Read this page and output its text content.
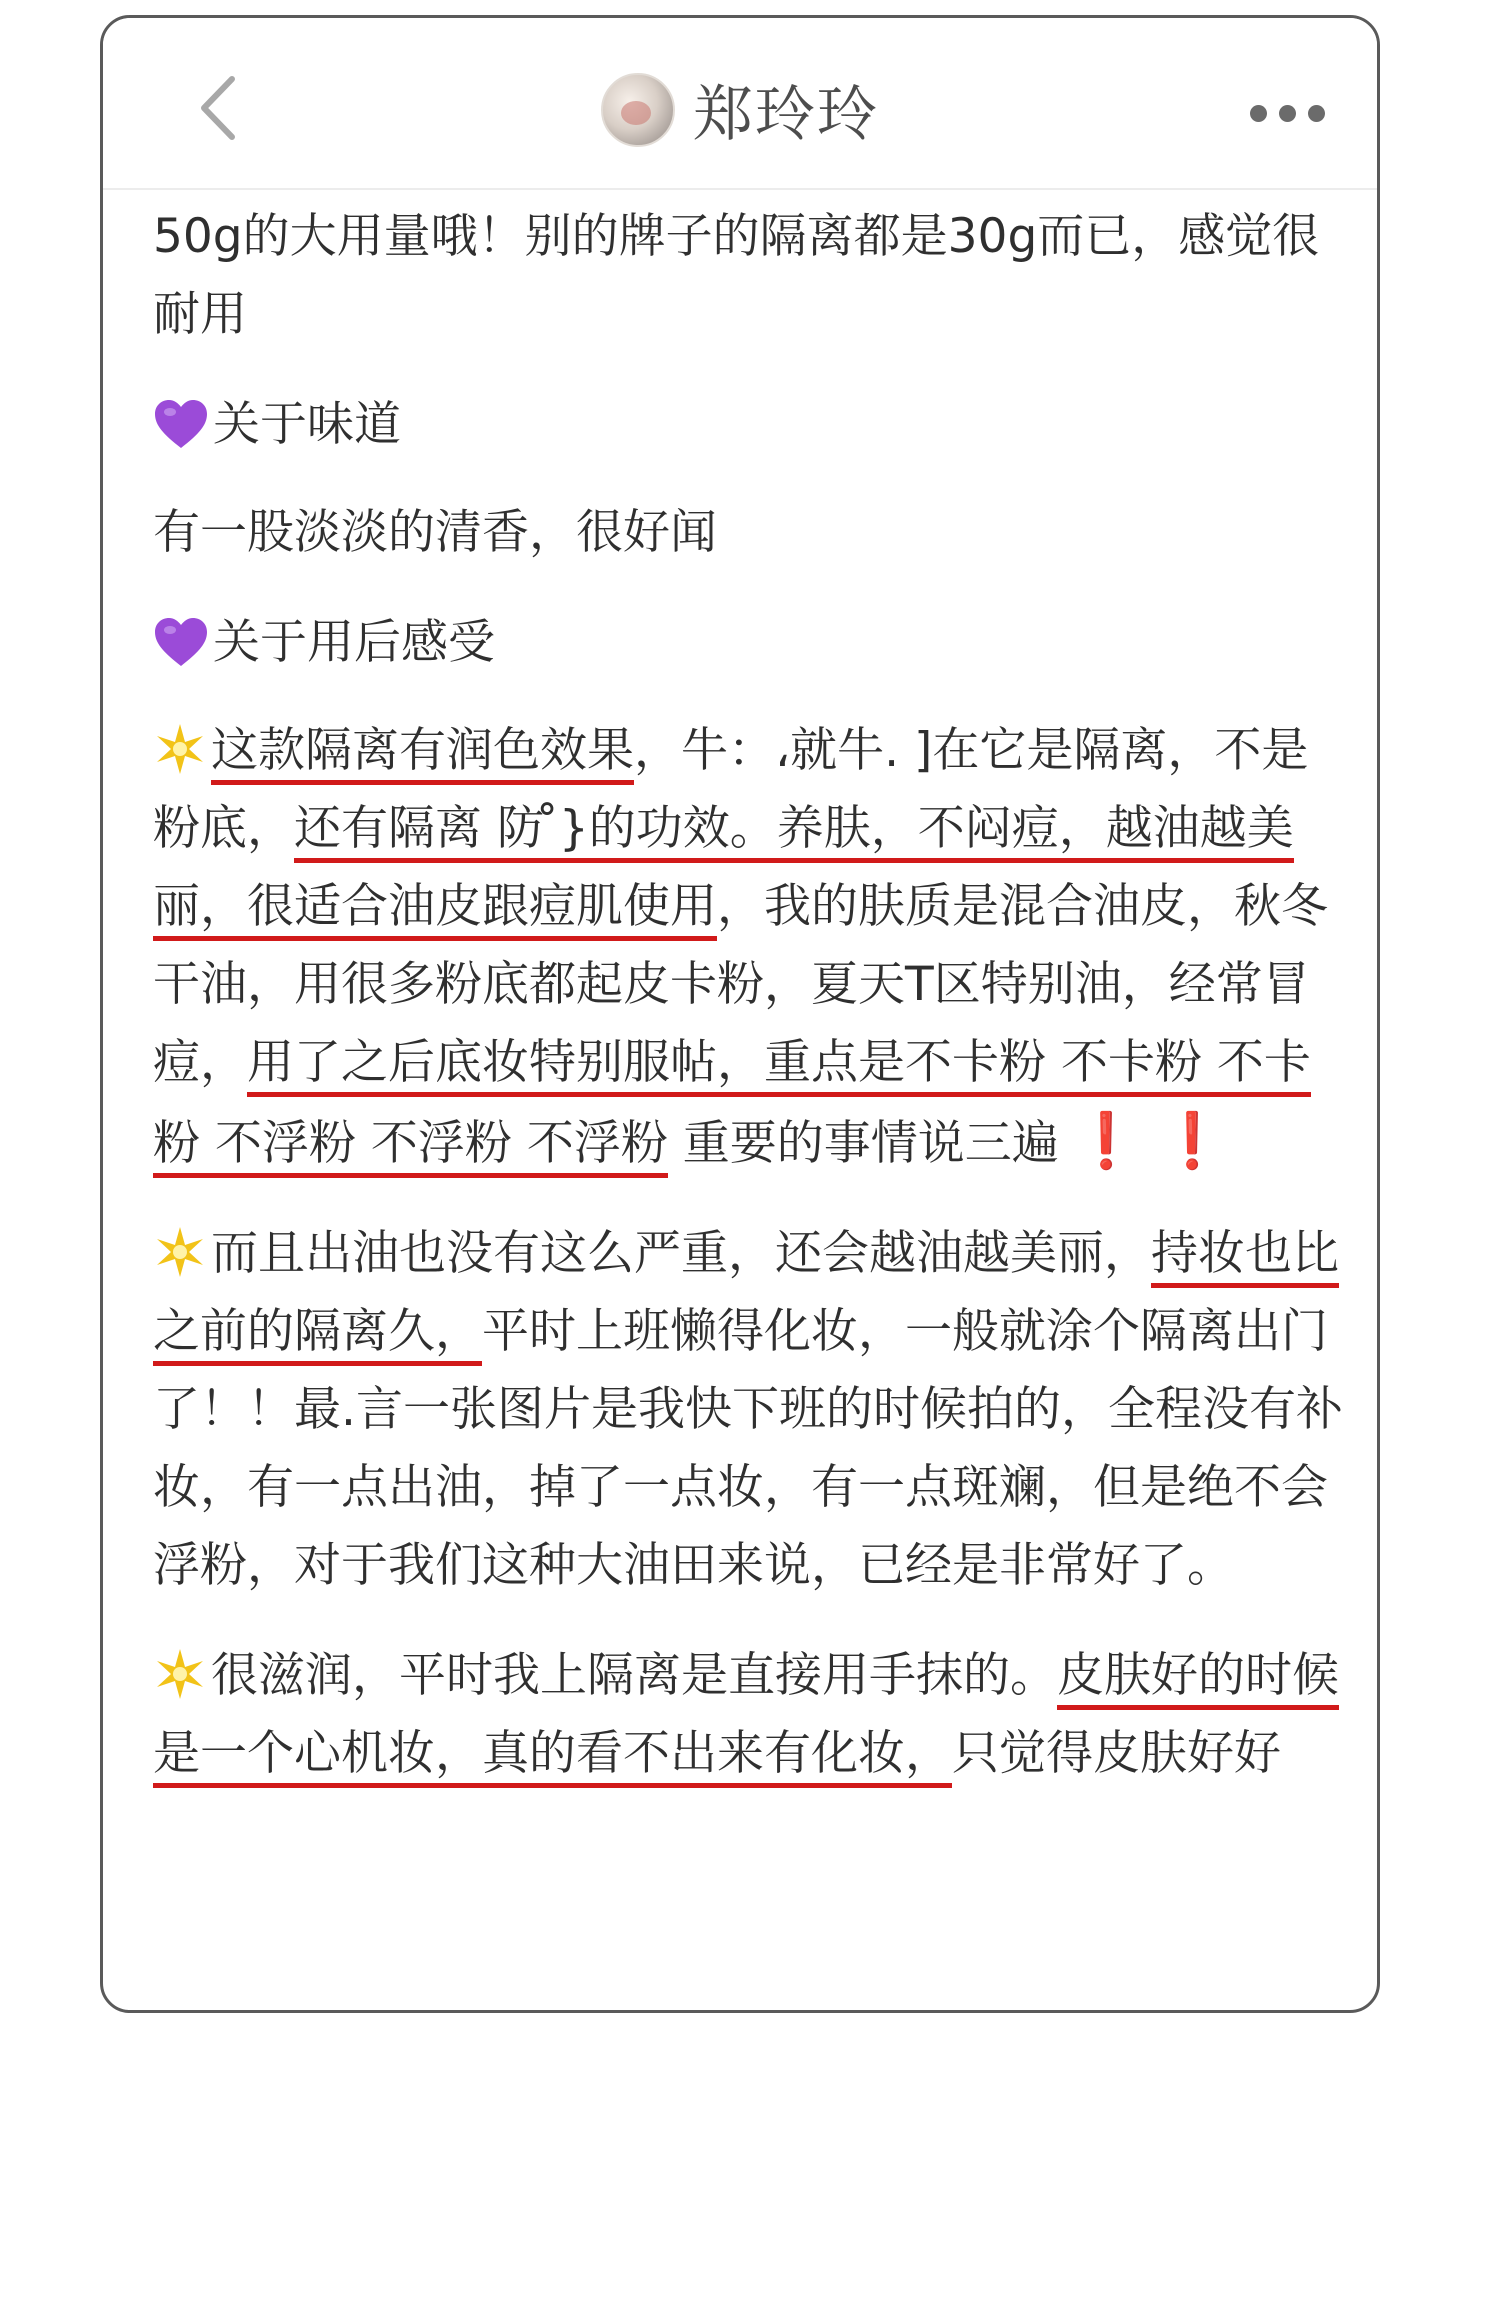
郑玲玲

50g的大用量哦！别的牌子的隔离都是30g而已，感觉很耐用

关于味道

有一股淡淡的清香，很好闻

关于用后感受

这款隔离有润色效果，牛：،就牛. ]在它是隔离，不是粉底，还有隔离 防 ̊}的功效。养肤，不闷痘，越油越美丽，很适合油皮跟痘肌使用，我的肤质是混合油皮，秋冬干油，用很多粉底都起皮卡粉，夏天T区特别油，经常冒痘，用了之后底妆特别服帖，重点是不卡粉 不卡粉 不卡粉 不浮粉 不浮粉 不浮粉 重要的事情说三遍 ❗ ❗

而且出油也没有这么严重，还会越油越美丽，持妆也比之前的隔离久，平时上班懒得化妆，一般就涂个隔离出门了！！最.言一张图片是我快下班的时候拍的，全程没有补妆，有一点出油，掉了一点妆，有一点斑斓，但是绝不会浮粉，对于我们这种大油田来说，已经是非常好了。

很滋润，平时我上隔离是直接用手抹的。皮肤好的时候是一个心机妆，真的看不出来有化妆，只觉得皮肤好好
